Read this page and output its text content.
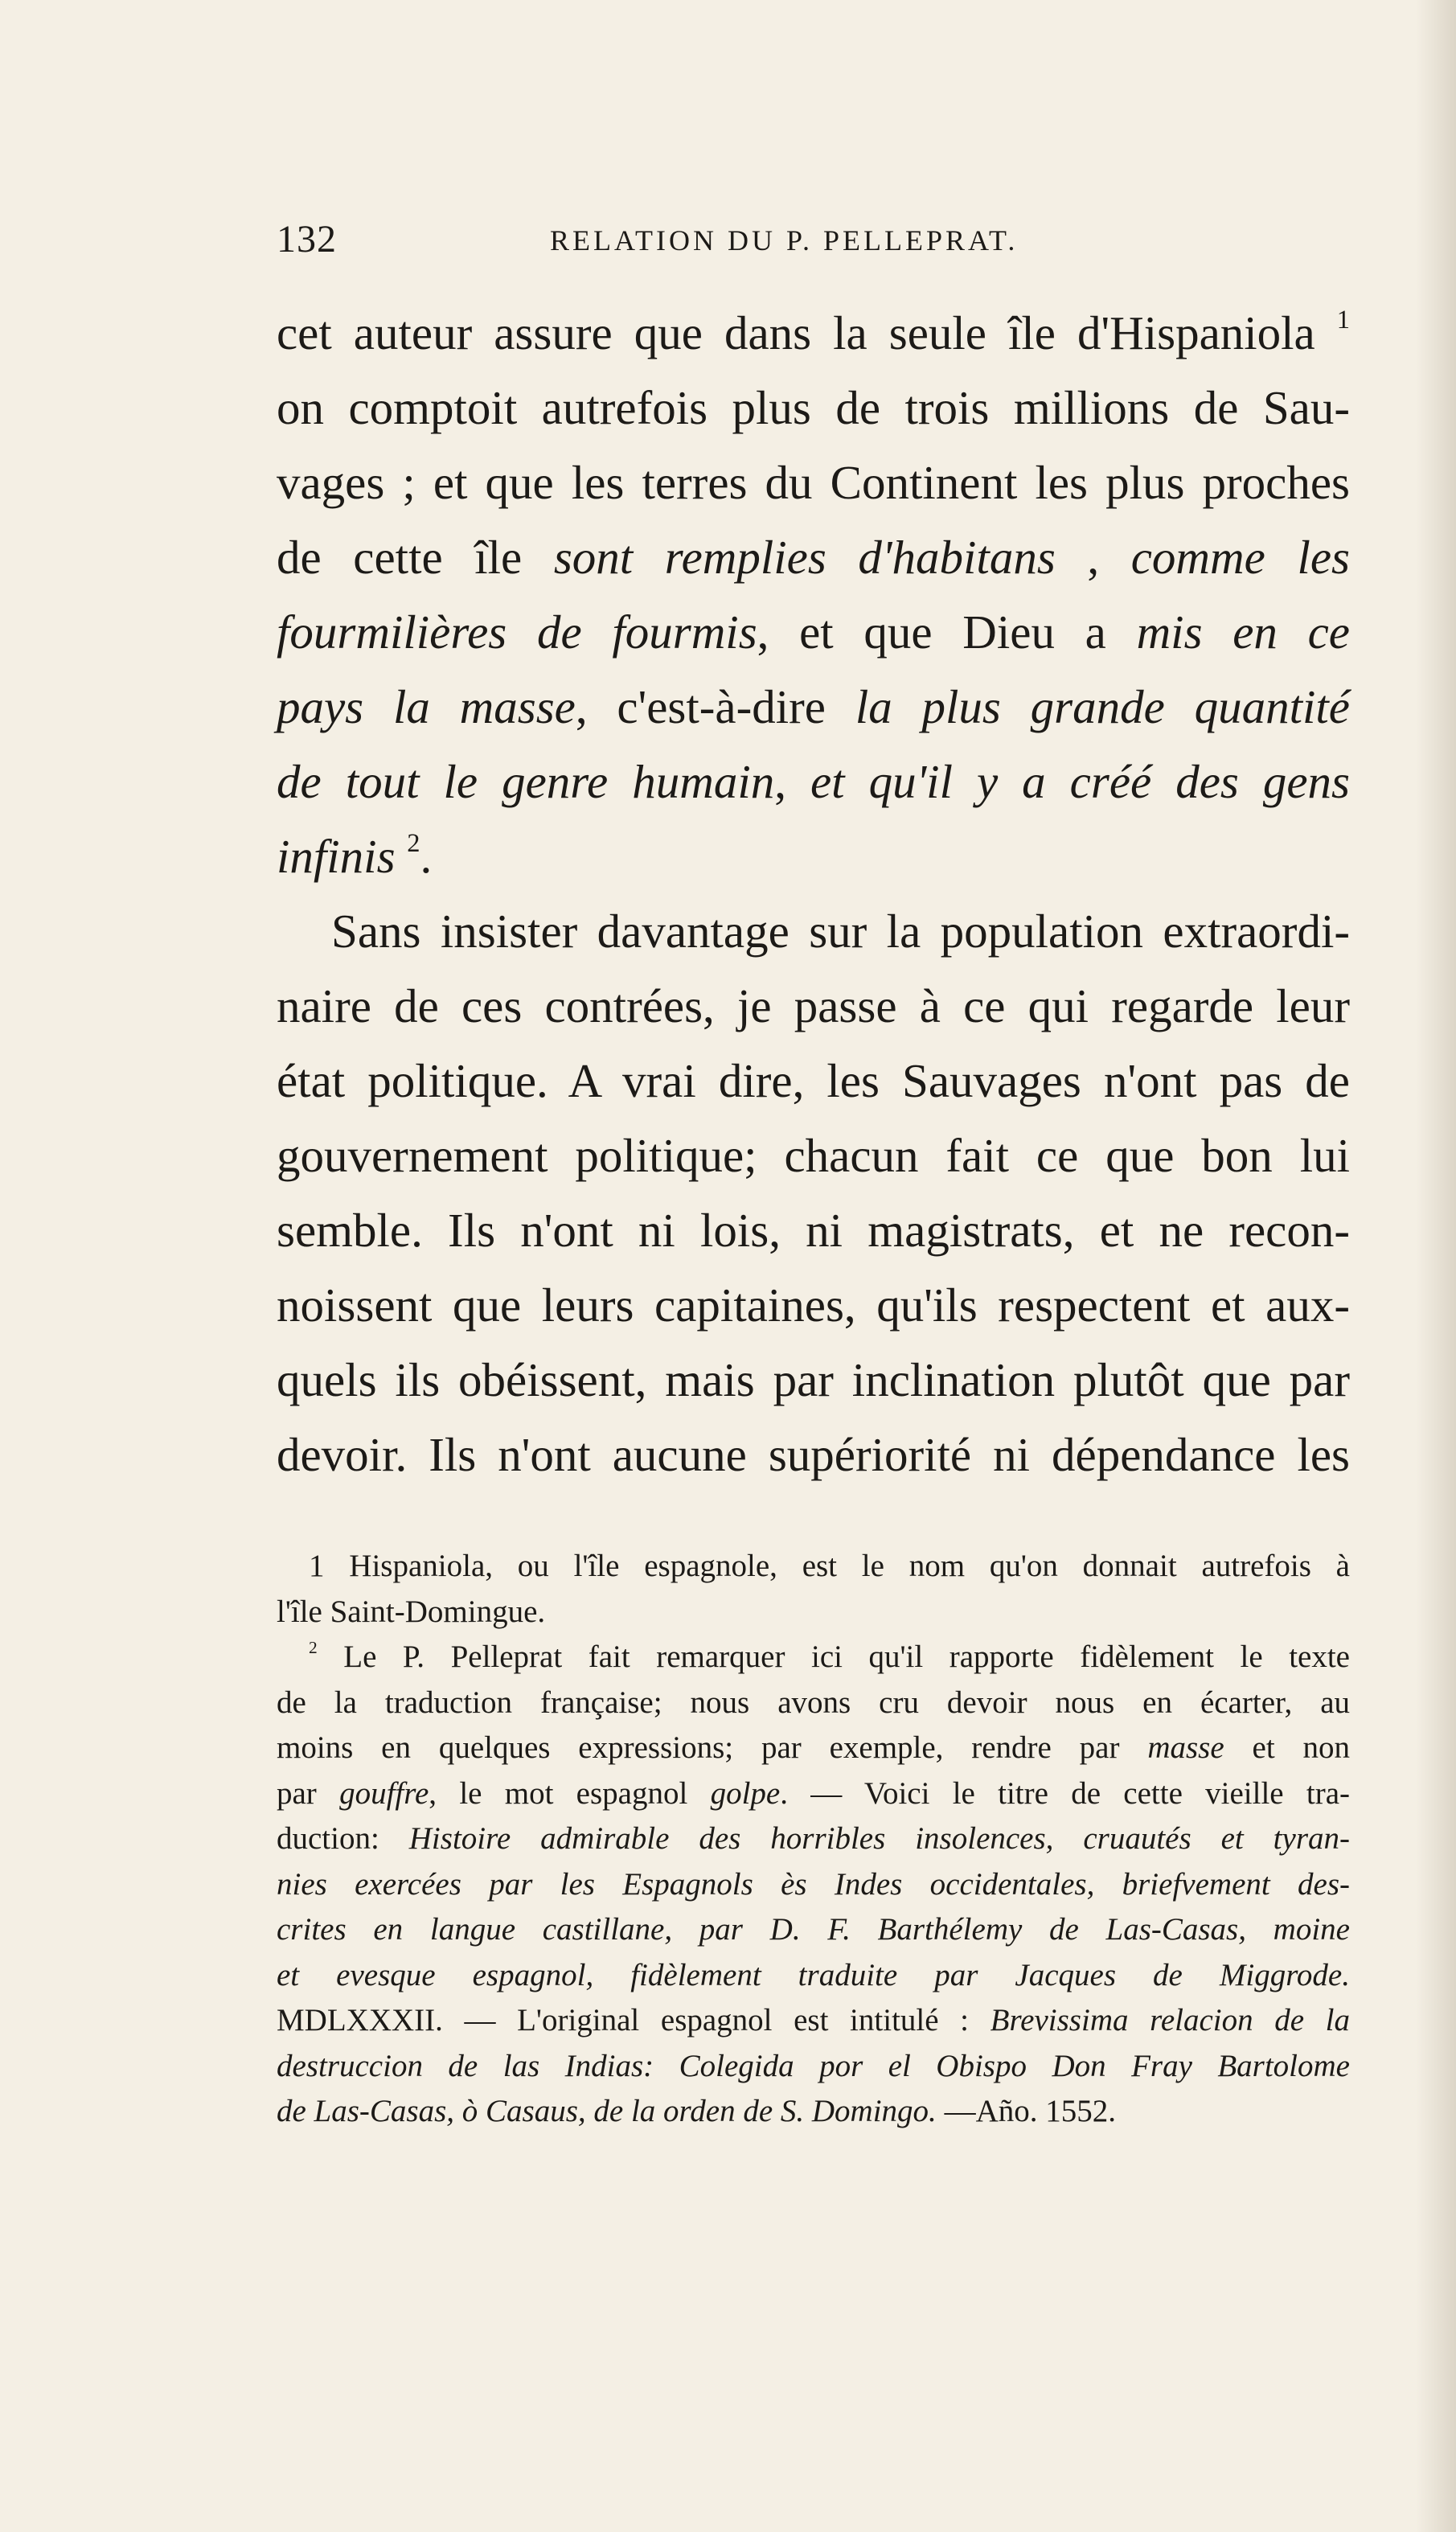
132	RELATION DU P. PELLEPRAT.
cet auteur assure que dans la seule île d'Hispaniola $^1$
on comptoit autrefois plus de trois millions de Sau-
vages ; et que les terres du Continent les plus proches
de cette île sont remplies d'habitans , comme les
fourmilières de fourmis, et que Dieu a mis en ce
pays la masse, c'est-à-dire la plus grande quantité
de tout le genre humain, et qu'il y a créé des gens
infinis $^2$.
Sans insister davantage sur la population extraordi-
naire de ces contrées, je passe à ce qui regarde leur
état politique. A vrai dire, les Sauvages n'ont pas de
gouvernement politique; chacun fait ce que bon lui
semble. Ils n'ont ni lois, ni magistrats, et ne recon-
noissent que leurs capitaines, qu'ils respectent et aux-
quels ils obéissent, mais par inclination plutôt que par
devoir. Ils n'ont aucune supériorité ni dépendance les
1 Hispaniola, ou l'île espagnole, est le nom qu'on donnait autrefois à
l'île Saint-Domingue.
$^2$ Le P. Pelleprat fait remarquer ici qu'il rapporte fidèlement le texte
de la traduction française; nous avons cru devoir nous en écarter, au
moins en quelques expressions; par exemple, rendre par masse et non
par gouffre, le mot espagnol golpe. — Voici le titre de cette vieille tra-
duction: Histoire admirable des horribles insolences, cruautés et tyran-
nies exercées par les Espagnols ès Indes occidentales, briefvement des-
crites en langue castillane, par D. F. Barthélemy de Las-Casas, moine
et evesque espagnol, fidèlement traduite par Jacques de Miggrode.
MDLXXXII. — L'original espagnol est intitulé : Brevissima relacion de la
destruccion de las Indias: Colegida por el Obispo Don Fray Bartolome
de Las-Casas, ò Casaus, de la orden de S. Domingo. —Año. 1552.
